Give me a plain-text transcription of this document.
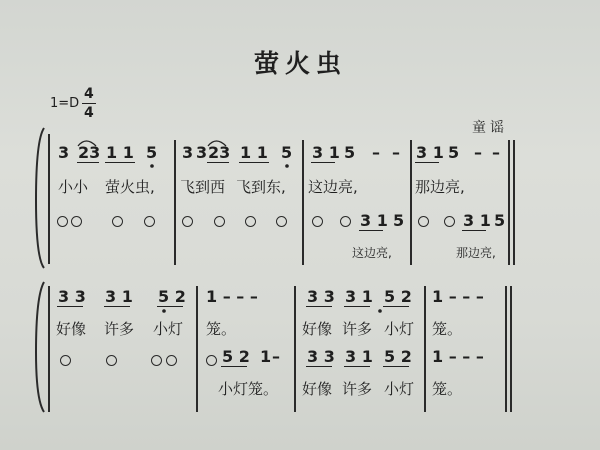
萤火虫
1=D
4
4
童谣
3 23 1 1 5 3 3 23 1 1 5 3 1 5 – – 3 1 5 – –
小小 萤火虫, 飞到西 飞到东, 这边亮,	那边亮,
3 1 5	3 1 5
这边亮,	那边亮,
3 3 3 1 5 2 1 – – –	3 3 3 1 5 2 1 – – –
好像 许多 小灯 笼。	好像 许多 小灯 笼。
5 2 1 – 3 3 3 1 5 2 1 – – –
小灯笼。 好像 许多 小灯 笼。
